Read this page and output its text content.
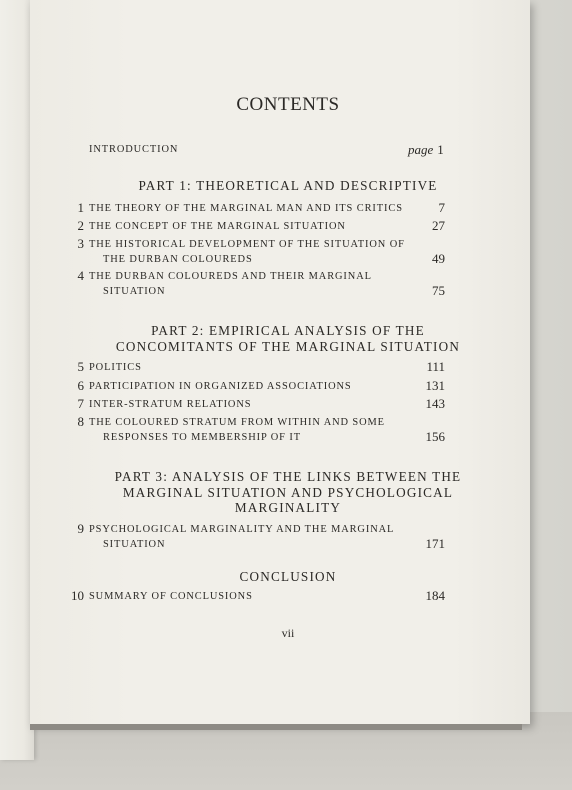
CONTENTS
INTRODUCTION	page 1
PART 1: THEORETICAL AND DESCRIPTIVE
1 THE THEORY OF THE MARGINAL MAN AND ITS CRITICS	7
2 THE CONCEPT OF THE MARGINAL SITUATION	27
3 THE HISTORICAL DEVELOPMENT OF THE SITUATION OF
THE DURBAN COLOUREDS	49
4 THE DURBAN COLOUREDS AND THEIR MARGINAL
SITUATION	75
PART 2: EMPIRICAL ANALYSIS OF THE
CONCOMITANTS OF THE MARGINAL SITUATION
5 POLITICS	111
6 PARTICIPATION IN ORGANIZED ASSOCIATIONS	131
7 INTER-STRATUM RELATIONS	143
8 THE COLOURED STRATUM FROM WITHIN AND SOME
RESPONSES TO MEMBERSHIP OF IT	156
PART 3: ANALYSIS OF THE LINKS BETWEEN THE
MARGINAL SITUATION AND PSYCHOLOGICAL
MARGINALITY
9 PSYCHOLOGICAL MARGINALITY AND THE MARGINAL
SITUATION	171
CONCLUSION
10 SUMMARY OF CONCLUSIONS	184
vii
